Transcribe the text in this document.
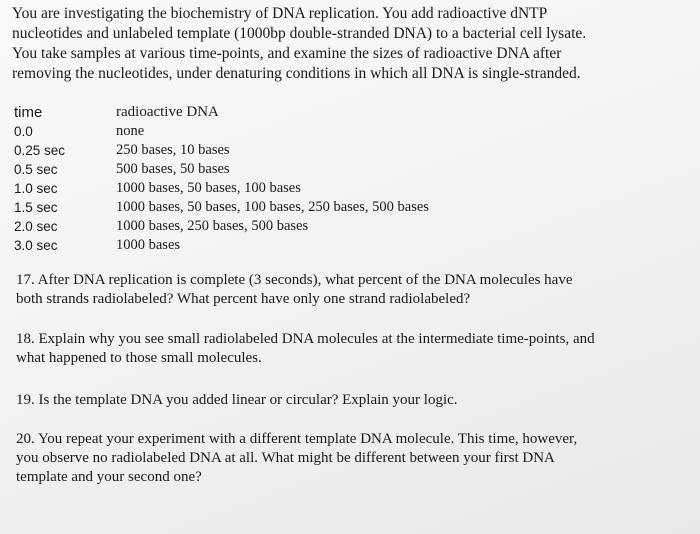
You are investigating the biochemistry of DNA replication. You add radioactive dNTP
nucleotides and unlabeled template (1000bp double-stranded DNA) to a bacterial cell lysate.
You take samples at various time-points, and examine the sizes of radioactive DNA after
removing the nucleotides, under denaturing conditions in which all DNA is single-stranded.
time	radioactive DNA
0.0	none
0.25 sec	250 bases, 10 bases
0.5 sec	500 bases, 50 bases
1.0 sec	1000 bases, 50 bases, 100 bases
1.5 sec	1000 bases, 50 bases, 100 bases, 250 bases, 500 bases
2.0 sec	1000 bases, 250 bases, 500 bases
3.0 sec	1000 bases
17. After DNA replication is complete (3 seconds), what percent of the DNA molecules have
both strands radiolabeled? What percent have only one strand radiolabeled?
18. Explain why you see small radiolabeled DNA molecules at the intermediate time-points, and
what happened to those small molecules.
19. Is the template DNA you added linear or circular? Explain your logic.
20. You repeat your experiment with a different template DNA molecule. This time, however,
you observe no radiolabeled DNA at all. What might be different between your first DNA
template and your second one?
